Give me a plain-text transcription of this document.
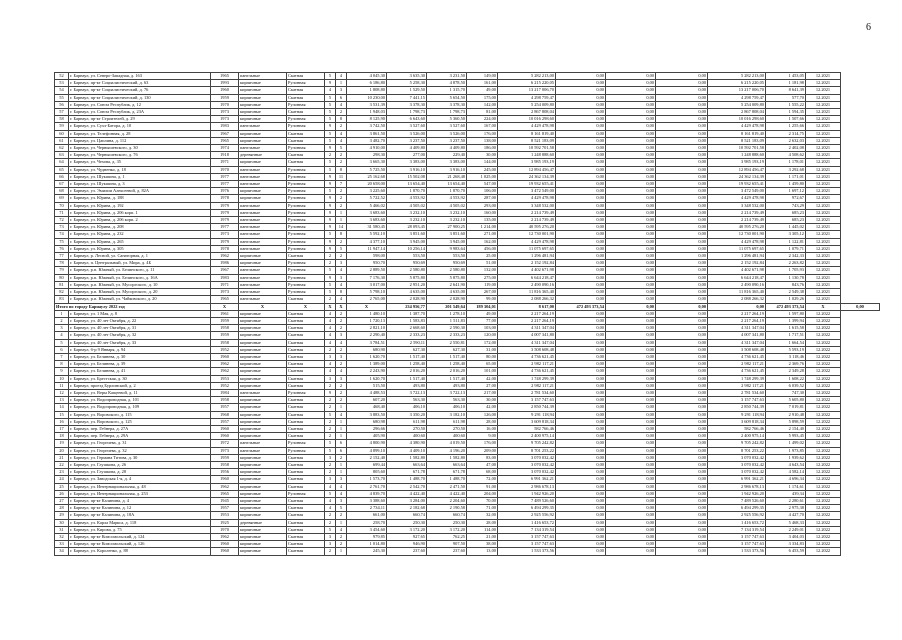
6
52	г. Барнаул, ул. Северо-Западная, д. 163	1965	панельные	Скатная	5	4	4 045,30	3 635,30	3 231,50	149,00	5 282 213,00	0,00	0,00	0,00	5 282 213,00	1 453,05	12.2021	
53	г. Барнаул, пр-кт Социалистический, д. 63	1993	кирпичные	Рулонная	9	1	6 186,80	5 258,30	4 878,50	161,00	6 215 220,05	0,00	0,00	0,00	6 215 220,05	1 181,98	12.2021	
54	г. Барнаул, пр-кт Социалистический, д. 76	1960	кирпичные	Скатная	4	3	1 808,80	1 529,50	1 315,70	49,00	13 217 006,70	0,00	0,00	0,00	13 217 006,70	8 641,39	12.2021	
55	г. Барнаул, пр-кт Социалистический, д. 130	1959	кирпичные	Скатная	5	6	10 230,00	7 441,15	5 654,50	175,00	4 298 759,47	0,00	0,00	0,00	4 298 759,47	577,70	12.2021	
56	г. Барнаул, ул. Союза Республик, д. 12	1970	кирпичные	Рулонная	5	4	3 531,39	3 378,30	3 378,30	142,00	5 254 009,80	0,00	0,00	0,00	5 254 009,80	1 555,22	12.2021	
57	г. Барнаул, ул. Союза Республик, д. 23А	1973	кирпичные	Скатная	5	2	1 948,03	1 798,73	1 798,73	81,00	2 867 808,04	0,00	0,00	0,00	2 867 808,04	1 594,35	12.2021	
58	г. Барнаул, пр-кт Строителей, д. 29	1973	кирпичные	Рулонная	5	8	8 125,90	6 643,60	5 360,50	224,00	10 016 298,60	0,00	0,00	0,00	10 016 298,60	1 507,66	12.2021	
59	г. Барнаул, ул. Сухэ-Батора, д. 10	1983	панельные	Рулонная	9	2	3 742,50	3 527,60	3 527,60	167,00	4 429 478,98	0,00	0,00	0,00	4 429 478,98	1 255,66	12.2021	
60	г. Барнаул, ул. Телефонная, д. 28	1967	кирпичные	Скатная	5	4	3 861,50	3 526,00	3 526,00	176,00	8 161 819,40	0,00	0,00	0,00	8 161 819,40	2 314,75	12.2021	
61	г. Барнаул, ул. Цаплина, д. 112	1965	кирпичные	Скатная	5	4	3 482,70	3 237,50	3 237,50	138,00	8 521 183,09	0,00	0,00	0,00	8 521 183,09	2 632,03	12.2021	
62	г. Барнаул, ул. Чернышевского, д. 30	1974	панельные	Рулонная	9	5	4 910,00	4 409,80	4 409,80	186,00	10 592 701,58	0,00	0,00	0,00	10 592 701,58	2 402,08	12.2021	
63	г. Барнаул, ул. Чернышевского, д. 76	1918	деревянные	Скатная	2	2	298,30	277,00	229,40	30,00	1 248 888,60	0,00	0,00	0,00	1 248 888,60	4 508,62	12.2021	
64	г. Барнаул, ул. Чехова, д. 35	1971	кирпичные	Скатная	5	2	3 665,30	3 383,00	3 383,00	144,00	3 985 193,19	0,00	0,00	0,00	3 985 193,19	1 178,01	12.2021	
65	г. Барнаул, ул. Чудненко, д. 18	1970	панельные	Рулонная	5	8	5 725,50	3 916,10	3 916,10	245,00	12 894 456,47	0,00	0,00	0,00	12 894 456,47	3 292,68	12.2021	
66	г. Барнаул, ул. Шукшина, д. 1	1977	панельные	Рулонная	9	11	25 162,68	15 502,08	21 268,48	1 025,00	24 362 134,39	0,00	0,00	0,00	24 362 134,39	1 171,01	12.2021	
67	г. Барнаул, ул. Шукшина, д. 3	1977	панельные	Рулонная	9	7	20 658,00	13 654,40	13 654,40	547,00	19 932 655,41	0,00	0,00	0,00	19 932 655,41	1 459,80	12.2021	
68	г. Барнаул, ул. Эмилии Алексеевой, д. 82А	1976	кирпичные	Рулонная	5	2	3 225,60	1 870,70	1 870,70	106,00	3 472 549,00	0,00	0,00	0,00	3 472 549,00	1 697,12	12.2021	
69	г. Барнаул, ул. Юрина, д. 188	1978	кирпичные	Рулонная	9	2	5 722,52	4 553,92	4 553,92	287,00	4 429 478,98	0,00	0,00	0,00	4 429 478,98	972,67	12.2021	
70	г. Барнаул, ул. Юрина, д. 192	1979	панельные	Рулонная	9	2	5 466,02	4 505,02	4 505,02	293,00	3 348 532,00	0,00	0,00	0,00	3 348 532,00	743,29	12.2021	
71	г. Барнаул, ул. Юрина, д. 206 корп. 1	1979	панельные	Рулонная	9	1	3 683,60	3 232,10	3 232,10	160,00	2 214 739,49	0,00	0,00	0,00	2 214 739,49	685,23	12.2021	
72	г. Барнаул, ул. Юрина, д. 206 корп. 2	1979	панельные	Рулонная	9	1	3 683,60	3 232,10	3 232,10	135,00	2 214 739,49	0,00	0,00	0,00	2 214 739,49	685,23	12.2021	
73	г. Барнаул, ул. Юрина, д. 208	1977	панельные	Рулонная	9	14	31 580,45	28 093,45	27 900,25	1 214,00	40 595 276,20	0,00	0,00	0,00	40 595 276,20	1 445,02	12.2021	
74	г. Барнаул, ул. Юрина, д. 232	1973	панельные	Рулонная	5	8	5 592,10	3 851,60	3 851,60	271,00	12 730 001,90	0,00	0,00	0,00	12 730 001,90	3 305,12	12.2021	
75	г. Барнаул, ул. Юрина, д. 265	1979	панельные	Рулонная	9	2	4 377,10	3 945,00	3 945,00	162,00	4 429 478,98	0,00	0,00	0,00	4 429 478,98	1 122,81	12.2021	
76	г. Барнаул, ул. Юрина, д. 305	1978	панельные	Рулонная	9	5	11 947,14	10 256,14	9 983,64	456,00	11 075 697,65	0,00	0,00	0,00	11 075 697,65	1 079,71	12.2021	
77	г. Барнаул, р. Лесной, ул. Санаторная, д. 1	1962	кирпичные	Скатная	2	2	598,00	553,50	553,50	25,00	1 296 481,94	0,00	0,00	0,00	1 296 481,94	2 342,33	12.2021	
78	г. Барнаул, п. Центральный, ул. Мира, д. 4Б	1986	кирпичные	Рулонная	2	3	950,70	950,69	950,69	51,00	2 152 192,84	0,00	0,00	0,00	2 152 192,84	2 263,82	12.2021	
79	г. Барнаул, р.п. Южный, ул. Белинского, д. 11	1967	панельные	Рулонная	5	4	2 889,50	2 580,80	2 580,80	132,00	4 402 671,98	0,00	0,00	0,00	4 402 671,98	1 705,93	12.2021	
80	г. Барнаул, р.п. Южный, ул. Белинского, д. 16А	1983	панельные	Рулонная	9	3	7 176,30	5 875,80	5 875,80	275,00	6 644 218,47	0,00	0,00	0,00	6 644 218,47	1 130,78	12.2021	
81	г. Барнаул, р.п. Южный, ул. Мусоргского, д. 10	1971	панельные	Рулонная	5	4	3 017,00	2 951,20	2 641,90	119,00	2 490 090,16	0,00	0,00	0,00	2 490 090,16	843,76	12.2021	
82	г. Барнаул, р.п. Южный, ул. Мусоргского, д. 20	1973	панельные	Рулонная	5	8	5 798,10	4 635,00	4 635,00	267,00	11 816 365,40	0,00	0,00	0,00	11 816 365,40	2 549,38	12.2021	
83	г. Барнаул, р.п. Южный, ул. Чайковского, д. 20	1965	панельные	Скатная	2	4	2 765,00	2 028,90	2 028,90	99,00	2 088 266,32	0,00	0,00	0,00	2 088 266,32	1 029,26	12.2021	
Итого по городу Барнаулу 2022 год		X	X	X	X	X	X	234 956,77	201 549,64	189 304,01	8 617,00	472 493 373,54	0,00	0,00	0,00	472 493 373,54	X	0,00
1	г. Барнаул, ул. 1 Мая, д. 8	1961	кирпичные	Скатная	4	2	1 480,10	1 387,70	1 278,10	49,00	2 217 264,19	0,00	0,00	0,00	2 217 264,19	1 597,80	12.2022	
2	г. Барнаул, ул. 40 лет Октября, д. 22	1959	кирпичные	Скатная	4	2	1 720,13	1 583,83	1 511,83	77,00	2 217 264,19	0,00	0,00	0,00	2 217 264,19	1 399,94	12.2022	
3	г. Барнаул, ул. 40 лет Октября, д. 31	1958	кирпичные	Скатная	4	2	2 821,10	2 668,60	2 590,30	103,00	4 311 347,04	0,00	0,00	0,00	4 311 347,04	1 615,58	12.2022	
4	г. Барнаул, ул. 40 лет Октября, д. 32	1959	кирпичные	Скатная	4	3	2 290,40	2 333,23	2 333,23	120,00	4 007 341,80	0,00	0,00	0,00	4 007 341,80	1 717,51	12.2022	
5	г. Барнаул, ул. 40 лет Октября, д. 33	1958	кирпичные	Скатная	4	4	3 784,51	2 590,11	2 550,81	172,00	4 311 347,04	0,00	0,00	0,00	4 311 347,04	1 664,54	12.2022	
6	г. Барнаул, б-р 9 Января, д. 94	1952	кирпичные	Скатная	2	2	680,90	627,30	627,30	31,00	3 508 608,48	0,00	0,00	0,00	3 508 608,48	5 593,19	12.2022	
7	г. Барнаул, ул. Белинева, д. 30	1960	кирпичные	Скатная	3	3	1 620,70	1 517,40	1 517,40	80,00	4 736 621,45	0,00	0,00	0,00	4 736 621,45	3 118,46	12.2022	
8	г. Барнаул, ул. Белинева, д. 39	1962	кирпичные	Скатная	4	2	1 389,00	1 258,40	1 258,40	65,00	2 982 117,21	0,00	0,00	0,00	2 982 117,21	2 369,76	12.2022	
9	г. Барнаул, ул. Белинева, д. 41	1962	кирпичные	Скатная	4	4	2 243,90	2 016,20	2 016,20	101,00	4 736 621,45	0,00	0,00	0,00	4 736 621,45	2 349,28	12.2022	
10	г. Барнаул, ул. Брестская, д. 30	1953	кирпичные	Скатная	3	3	1 620,70	1 517,40	1 517,40	42,00	1 748 299,39	0,00	0,00	0,00	1 748 299,39	1 608,22	12.2022	
11	г. Барнаул, проезд Бурлинский, д. 2	1952	кирпичные	Скатная	2	2	515,50	493,80	493,80	27,00	2 982 117,21	0,00	0,00	0,00	2 982 117,21	6 039,52	12.2022	
12	г. Барнаул, ул. Веры Кащеевой, д. 11	1984	панельные	Рулонная	9	2	4 488,53	3 722,13	3 722,13	217,00	2 781 534,60	0,00	0,00	0,00	2 781 534,60	747,30	12.2022	
13	г. Барнаул, ул. Водопроводная, д. 101	1958	кирпичные	Скатная	2	2	607,20	563,30	563,30	30,00	3 157 747,63	0,00	0,00	0,00	3 157 747,63	5 605,80	12.2022	
14	г. Барнаул, ул. Водопроводная, д. 109	1957	кирпичные	Скатная	2	1	468,40	406,10	406,10	42,00	2 850 744,39	0,00	0,00	0,00	2 850 744,39	7 019,81	12.2022	
15	г. Барнаул, ул. Воровского, д. 115	1968	кирпичные	Скатная	5	4	3 883,50	3 350,20	3 182,10	126,00	9 291 118,94	0,00	0,00	0,00	9 291 118,94	2 910,48	12.2022	
16	г. Барнаул, ул. Воровского, д. 125	1957	кирпичные	Скатная	2	1	680,98	611,98	611,98	28,00	3 609 818,34	0,00	0,00	0,00	3 609 818,34	5 898,59	12.2022	
17	г. Барнаул, пер. Гебнера, д. 27А	1960	кирпичные	Скатная	2	1	296,66	270,50	270,50	16,00	582 766,46	0,00	0,00	0,00	582 766,46	2 154,40	12.2022	
18	г. Барнаул, пер. Гебнера, д. 29А	1960	кирпичные	Скатная	2	1	405,90	400,60	400,60	9,00	2 400 975,14	0,00	0,00	0,00	2 400 975,14	5 993,45	12.2022	
19	г. Барнаул, ул. Георгиева, д. 31	1972	панельные	Рулонная	5	6	4 800,90	4 380,90	4 019,50	176,00	9 705 242,82	0,00	0,00	0,00	9 705 242,82	1 499,02	12.2022	
20	г. Барнаул, ул. Георгиева, д. 32	1973	панельные	Рулонная	5	6	4 899,10	4 409,10	4 196,20	209,00	8 701 253,22	0,00	0,00	0,00	8 701 253,22	1 973,85	12.2022	
21	г. Барнаул, ул. Германа Титова, д. 30	1959	кирпичные	Скатная	3	2	2 152,40	1 582,80	1 582,80	83,00	3 070 032,42	0,00	0,00	0,00	3 070 032,42	1 939,62	12.2022	
22	г. Барнаул, ул. Глушкова, д. 26	1958	кирпичные	Скатная	2	1	699,44	663,64	663,64	47,00	3 070 032,42	0,00	0,00	0,00	3 070 032,42	4 643,54	12.2022	
23	г. Барнаул, ул. Глушкова, д. 28	1956	кирпичные	Скатная	2	1	805,60	671,78	671,78	68,00	3 070 032,42	0,00	0,00	0,00	3 070 032,42	4 582,14	12.2022	
24	г. Барнаул, ул. Заводская 1-я, д. 4	1960	кирпичные	Скатная	3	3	1 573,70	1 488,70	1 488,70	72,00	6 991 362,21	0,00	0,00	0,00	6 991 362,21	4 696,34	12.2022	
25	г. Барнаул, ул. Интернациональная, д. 48	1962	кирпичные	Скатная	4	4	2 761,70	2 542,70	2 471,50	91,00	2 986 678,13	0,00	0,00	0,00	2 986 678,13	1 174,61	12.2022	
26	г. Барнаул, ул. Интернациональная, д. 253	1965	кирпичные	Рулонная	5	4	4 839,70	4 422,40	4 422,40	204,00	1 942 926,20	0,00	0,00	0,00	1 942 926,20	439,34	12.2022	
27	г. Барнаул, пр-кт Калинина, д. 4	1945	кирпичные	Скатная	4	3	3 388,60	3 284,00	2 204,60	70,00	7 489 526,60	0,00	0,00	0,00	7 489 526,60	2 280,61	12.2022	
28	г. Барнаул, пр-кт Калинина, д. 12	1957	кирпичные	Скатная	4	5	2 734,11	2 182,68	2 190,58	71,00	6 494 299,35	0,00	0,00	0,00	6 494 299,35	2 975,38	12.2022	
29	г. Барнаул, пр-кт Калинина, д. 18А	1953	кирпичные	Скатная	2	2	661,00	660,74	660,74	32,00	2 925 556,92	0,00	0,00	0,00	2 925 556,92	4 427,70	12.2022	
30	г. Барнаул, ул. Карла Маркса, д. 118	1925	деревянные	Скатная	2	1	258,70	250,30	250,30	28,00	1 416 653,72	0,00	0,00	0,00	1 416 653,72	5 468,33	12.2022	
31	г. Барнаул, ул. Кирова, д. 75	1970	кирпичные	Скатная	5	4	3 454,60	3 172,20	3 172,20	114,00	7 134 319,54	0,00	0,00	0,00	7 134 319,54	2 249,01	12.2022	
32	г. Барнаул, пр-кт Комсомольский, д. 124	1962	кирпичные	Скатная	3	2	979,85	927,65	762,25	21,00	3 157 747,63	0,00	0,00	0,00	3 157 747,63	3 404,03	12.2022	
33	г. Барнаул, пр-кт Комсомольский, д. 126	1960	кирпичные	Скатная	3	2	1 014,80	946,90	907,50	38,00	3 157 747,63	0,00	0,00	0,00	3 157 747,63	3 334,83	12.2022	
34	г. Барнаул, ул. Короленко, д. 88	1960	кирпичные	Скатная	2	1	245,30	237,60	237,60	13,00	1 533 373,56	0,00	0,00	0,00	1 533 373,56	6 453,59	12.2022	
